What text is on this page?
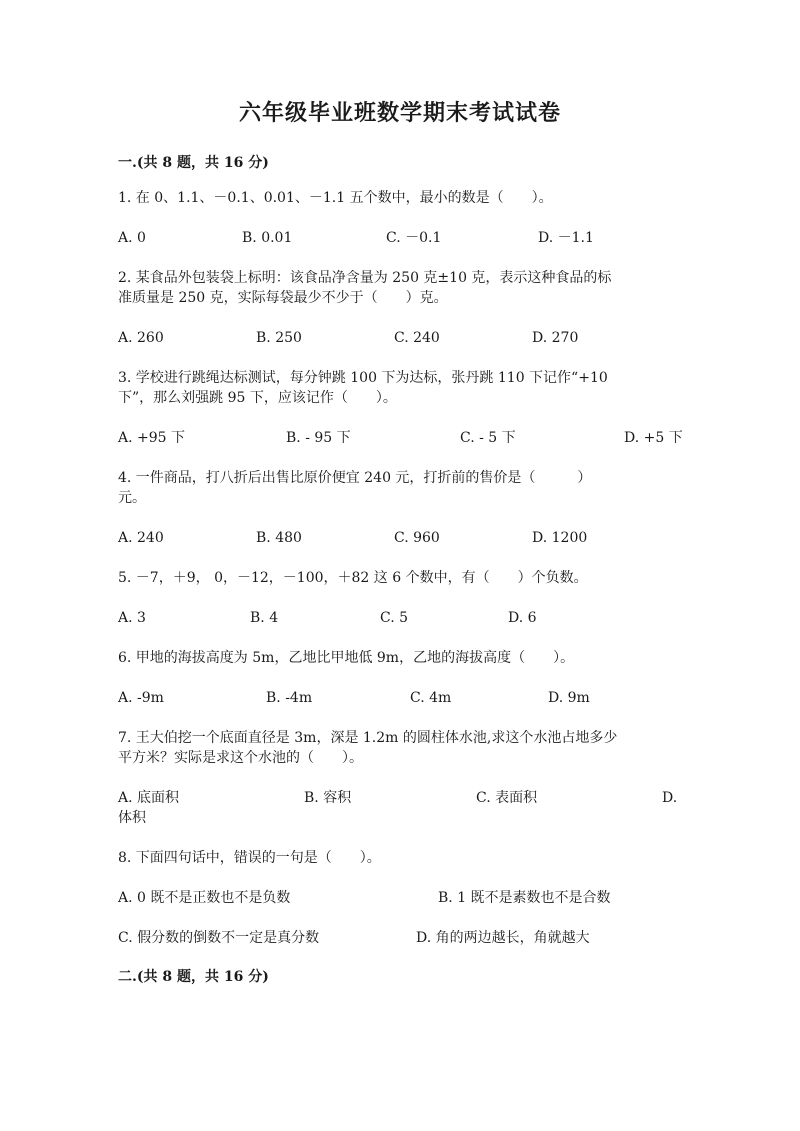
六年级毕业班数学期末考试试卷
一.(共 8 题，共 16 分)
1. 在 0、1.1、－0.1、0.01、－1.1 五个数中，最小的数是（　　）。
A. 0	B. 0.01	C. －0.1	D. －1.1
2. 某食品外包装袋上标明：该食品净含量为 250 克±10 克，表示这种食品的标
准质量是 250 克，实际每袋最少不少于（　　）克。
A. 260	B. 250	C. 240	D. 270
3. 学校进行跳绳达标测试，每分钟跳 100 下为达标，张丹跳 110 下记作“+10
下”，那么刘强跳 95 下，应该记作（　　）。
A. +95 下	B. - 95 下	C. - 5 下	D. +5 下
4. 一件商品，打八折后出售比原价便宜 240 元，打折前的售价是（　　　）
元。
A. 240	B. 480	C. 960	D. 1200
5. －7，＋9， 0，－12，－100，＋82 这 6 个数中，有（　　）个负数。
A. 3	B. 4	C. 5	D. 6
6. 甲地的海拔高度为 5m，乙地比甲地低 9m，乙地的海拔高度（　　）。
A. -9m	B. -4m	C. 4m	D. 9m
7. 王大伯挖一个底面直径是 3m，深是 1.2m 的圆柱体水池,求这个水池占地多少
平方米？实际是求这个水池的（　　）。
A. 底面积	B. 容积	C. 表面积	D.
体积
8. 下面四句话中，错误的一句是（　　）。
A. 0 既不是正数也不是负数	B. 1 既不是素数也不是合数
C. 假分数的倒数不一定是真分数	D. 角的两边越长，角就越大
二.(共 8 题，共 16 分)
